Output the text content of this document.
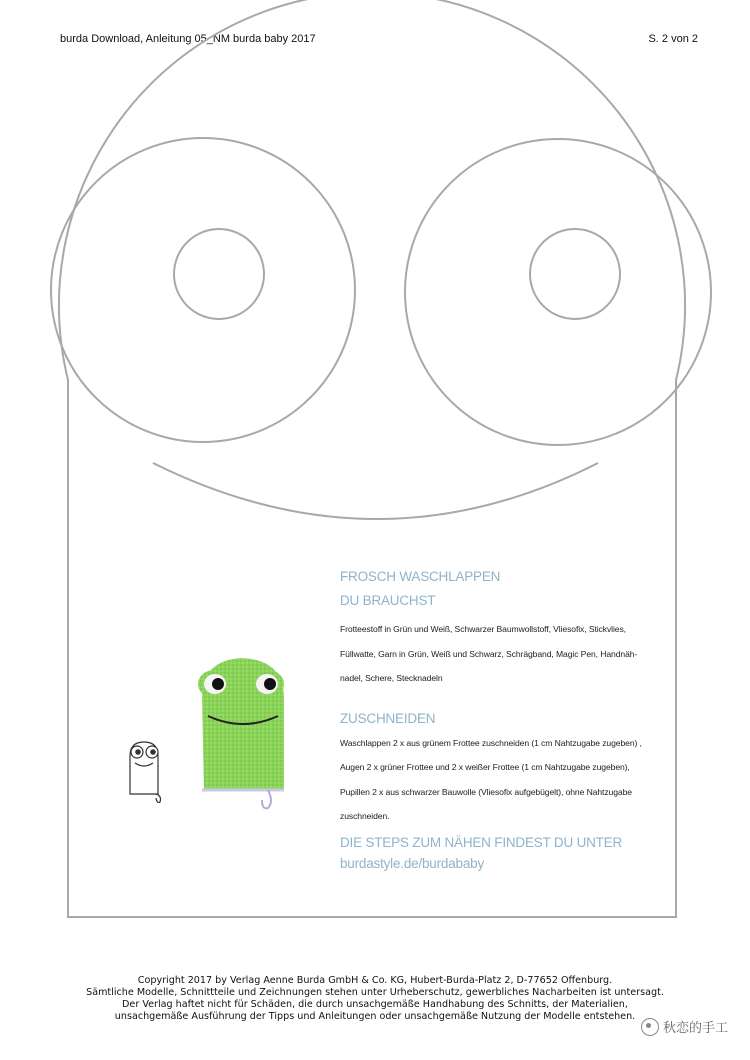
burda Download, Anleitung 05_NM burda baby 2017	S. 2 von 2
FROSCH WASCHLAPPEN
DU BRAUCHST
Frotteestoff in Grün und Weiß, Schwarzer Baumwollstoff, Vliesofix, Stickvlies,
Füllwatte, Garn in Grün, Weiß und Schwarz, Schrägband, Magic Pen, Handnäh-
nadel, Schere, Stecknadeln
ZUSCHNEIDEN
Waschlappen 2 x aus grünem Frottee zuschneiden (1 cm Nahtzugabe zugeben) ,
Augen 2 x grüner Frottee und 2 x weißer Frottee (1 cm Nahtzugabe zugeben),
Pupillen 2 x aus schwarzer Bauwolle (Vliesofix aufgebügelt), ohne Nahtzugabe
zuschneiden.
DIE STEPS ZUM NÄHEN FINDEST DU UNTER
burdastyle.de/burdababy
Copyright 2017 by Verlag Aenne Burda GmbH & Co. KG, Hubert-Burda-Platz 2, D-77652 Offenburg.
Sämtliche Modelle, Schnittteile und Zeichnungen stehen unter Urheberschutz, gewerbliches Nacharbeiten ist untersagt.
Der Verlag haftet nicht für Schäden, die durch unsachgemäße Handhabung des Schnitts, der Materialien,
unsachgemäße Ausführung der Tipps und Anleitungen oder unsachgemäße Nutzung der Modelle entstehen.
秋恋的手工
